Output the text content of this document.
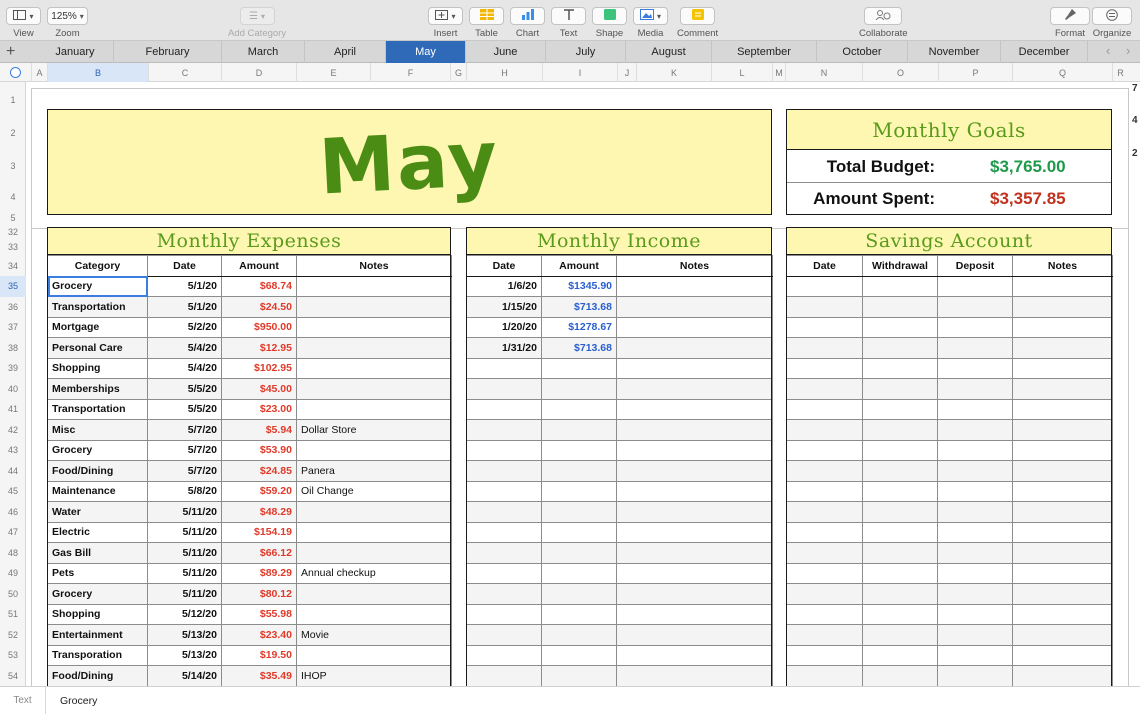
▾
View
125% ▾
Zoom
☰ ▾
Add Category
▾
Insert Table Chart Text Shape
▾
Media Comment	Collaborate	Format Organize
+	‹ ›
January	February	March	April	May	June	July	August	September	October	November	December
A	B	C	D	E	F	G	H	I	J	K	L	M	N	O	P	Q	R
1
2
3
4
5
32
33
34
35
36
37
38
39
40
41
42
43
44
45
46
47
48
49
50
51
52
53
54
May	Monthly Goals
Total Budget:	$3,765.00
Amount Spent:	$3,357.85
Monthly Expenses	Monthly Income	Savings Account
Category	Date	Amount	Notes
Grocery	5/1/20	$68.74	
Transportation	5/1/20	$24.50	
Mortgage	5/2/20	$950.00	
Personal Care	5/4/20	$12.95	
Shopping	5/4/20	$102.95	
Memberships	5/5/20	$45.00	
Transportation	5/5/20	$23.00	
Misc	5/7/20	$5.94	Dollar Store
Grocery	5/7/20	$53.90	
Food/Dining	5/7/20	$24.85	Panera
Maintenance	5/8/20	$59.20	Oil Change
Water	5/11/20	$48.29	
Electric	5/11/20	$154.19	
Gas Bill	5/11/20	$66.12	
Pets	5/11/20	$89.29	Annual checkup
Grocery	5/11/20	$80.12	
Shopping	5/12/20	$55.98	
Entertainment	5/13/20	$23.40	Movie
Transporation	5/13/20	$19.50	
Food/Dining	5/14/20	$35.49	IHOP
Date	Amount	Notes
1/6/20	$1345.90	
1/15/20	$713.68	
1/20/20	$1278.67	
1/31/20	$713.68	

Date	Withdrawal	Deposit	Notes

7
4
2
Text	Grocery
